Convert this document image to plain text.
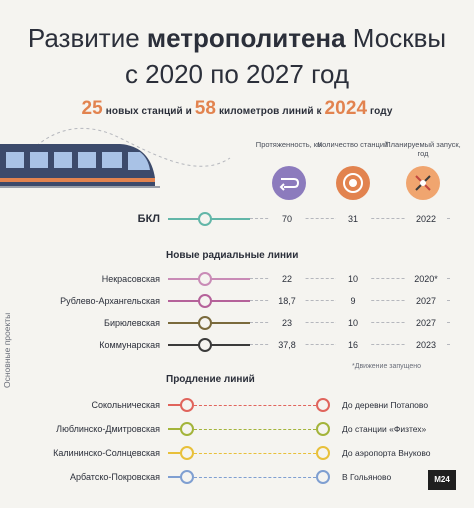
Развитие метрополитена Москвы
с 2020 по 2027 год
25 новых станций и 58 километров линий к 2024 году
Протяженность, км
Количество станций
Планируемый запуск, год
БКЛ	70	31	2022
Новые радиальные линии
Основные проекты
Некрасовская	22	10	2020*
Рублево-Архангельская	18,7	9	2027
Бирюлевская	23	10	2027
Коммунарская	37,8	16	2023
*Движение запущено
Продление линий
Сокольническая	До деревни Потапово
Люблинско-Дмитровская	До станции «Физтех»
Калининско-Солнцевская	До аэропорта Внуково
Арбатско-Покровская	В Гольяново	M24
